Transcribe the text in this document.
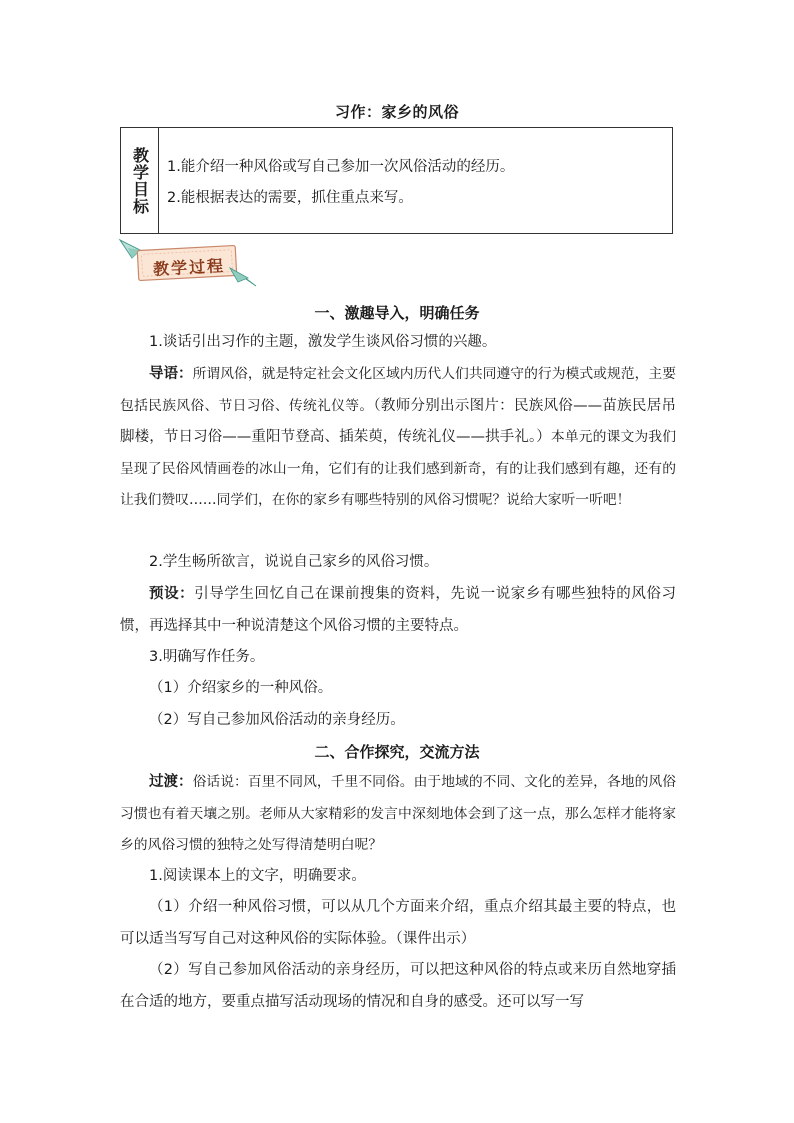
习作：家乡的风俗
教学目标 1.能介绍一种风俗或写自己参加一次风俗活动的经历。
2.能根据表达的需要，抓住重点来写。
教学过程
一、激趣导入，明确任务
1.谈话引出习作的主题，激发学生谈风俗习惯的兴趣。
导语：所谓风俗，就是特定社会文化区域内历代人们共同遵守的行为模式或规范，主要包括民族风俗、节日习俗、传统礼仪等。（教师分别出示图片：民族风俗——苗族民居吊脚楼，节日习俗——重阳节登高、插茱萸，传统礼仪——拱手礼。）本单元的课文为我们呈现了民俗风情画卷的冰山一角，它们有的让我们感到新奇，有的让我们感到有趣，还有的让我们赞叹……同学们，在你的家乡有哪些特别的风俗习惯呢？说给大家听一听吧！
2.学生畅所欲言，说说自己家乡的风俗习惯。
预设：引导学生回忆自己在课前搜集的资料，先说一说家乡有哪些独特的风俗习惯，再选择其中一种说清楚这个风俗习惯的主要特点。
3.明确写作任务。
（1）介绍家乡的一种风俗。
（2）写自己参加风俗活动的亲身经历。
二、合作探究，交流方法
过渡：俗话说：百里不同风，千里不同俗。由于地域的不同、文化的差异，各地的风俗习惯也有着天壤之别。老师从大家精彩的发言中深刻地体会到了这一点，那么怎样才能将家乡的风俗习惯的独特之处写得清楚明白呢？
1.阅读课本上的文字，明确要求。
（1）介绍一种风俗习惯，可以从几个方面来介绍，重点介绍其最主要的特点，也可以适当写写自己对这种风俗的实际体验。（课件出示）
（2）写自己参加风俗活动的亲身经历，可以把这种风俗的特点或来历自然地穿插在合适的地方，要重点描写活动现场的情况和自身的感受。还可以写一写
